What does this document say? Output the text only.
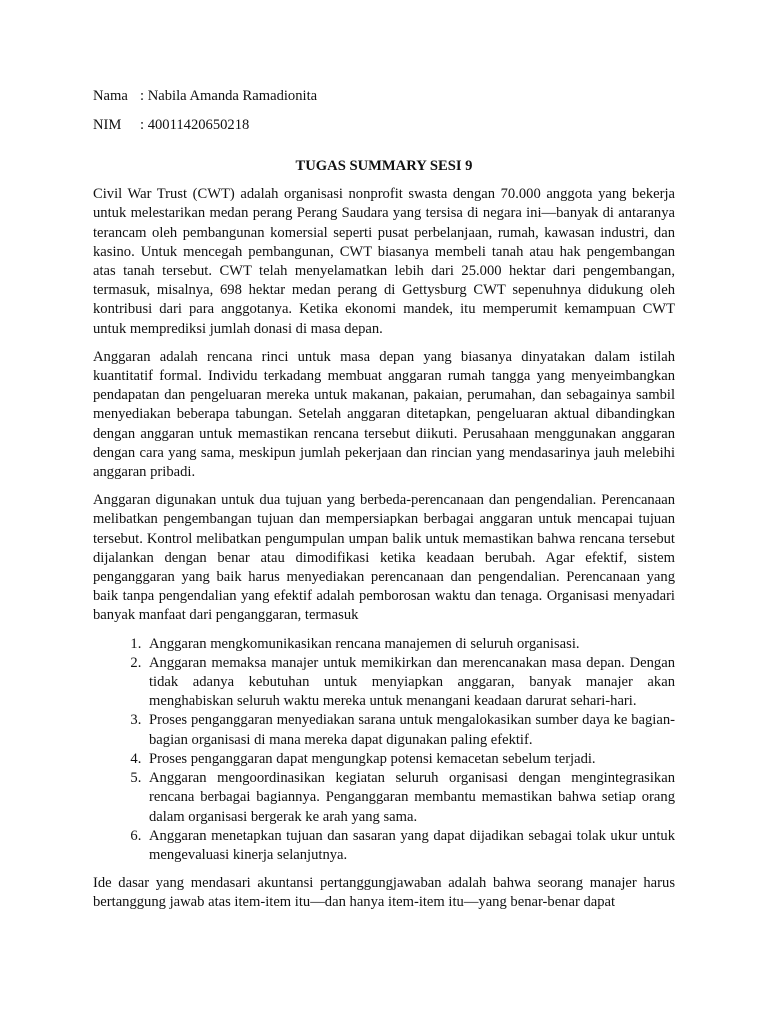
Nama : Nabila Amanda Ramadionita
NIM	: 40011420650218
TUGAS SUMMARY SESI 9

Civil War Trust (CWT) adalah organisasi nonprofit swasta dengan 70.000 anggota yang bekerja untuk melestarikan medan perang Perang Saudara yang tersisa di negara ini—banyak di antaranya terancam oleh pembangunan komersial seperti pusat perbelanjaan, rumah, kawasan industri, dan kasino. Untuk mencegah pembangunan, CWT biasanya membeli tanah atau hak pengembangan atas tanah tersebut. CWT telah menyelamatkan lebih dari 25.000 hektar dari pengembangan, termasuk, misalnya, 698 hektar medan perang di Gettysburg CWT sepenuhnya didukung oleh kontribusi dari para anggotanya. Ketika ekonomi mandek, itu memperumit kemampuan CWT untuk memprediksi jumlah donasi di masa depan.

Anggaran adalah rencana rinci untuk masa depan yang biasanya dinyatakan dalam istilah kuantitatif formal. Individu terkadang membuat anggaran rumah tangga yang menyeimbangkan pendapatan dan pengeluaran mereka untuk makanan, pakaian, perumahan, dan sebagainya sambil menyediakan beberapa tabungan. Setelah anggaran ditetapkan, pengeluaran aktual dibandingkan dengan anggaran untuk memastikan rencana tersebut diikuti. Perusahaan menggunakan anggaran dengan cara yang sama, meskipun jumlah pekerjaan dan rincian yang mendasarinya jauh melebihi anggaran pribadi.

Anggaran digunakan untuk dua tujuan yang berbeda-perencanaan dan pengendalian. Perencanaan melibatkan pengembangan tujuan dan mempersiapkan berbagai anggaran untuk mencapai tujuan tersebut. Kontrol melibatkan pengumpulan umpan balik untuk memastikan bahwa rencana tersebut dijalankan dengan benar atau dimodifikasi ketika keadaan berubah. Agar efektif, sistem penganggaran yang baik harus menyediakan perencanaan dan pengendalian. Perencanaan yang baik tanpa pengendalian yang efektif adalah pemborosan waktu dan tenaga. Organisasi menyadari banyak manfaat dari penganggaran, termasuk

1. Anggaran mengkomunikasikan rencana manajemen di seluruh organisasi.
2. Anggaran memaksa manajer untuk memikirkan dan merencanakan masa depan. Dengan tidak adanya kebutuhan untuk menyiapkan anggaran, banyak manajer akan menghabiskan seluruh waktu mereka untuk menangani keadaan darurat sehari-hari.
3. Proses penganggaran menyediakan sarana untuk mengalokasikan sumber daya ke bagian-bagian organisasi di mana mereka dapat digunakan paling efektif.
4. Proses penganggaran dapat mengungkap potensi kemacetan sebelum terjadi.
5. Anggaran mengoordinasikan kegiatan seluruh organisasi dengan mengintegrasikan rencana berbagai bagiannya. Penganggaran membantu memastikan bahwa setiap orang dalam organisasi bergerak ke arah yang sama.
6. Anggaran menetapkan tujuan dan sasaran yang dapat dijadikan sebagai tolak ukur untuk mengevaluasi kinerja selanjutnya.

Ide dasar yang mendasari akuntansi pertanggungjawaban adalah bahwa seorang manajer harus bertanggung jawab atas item-item itu—dan hanya item-item itu—yang benar-benar dapat
